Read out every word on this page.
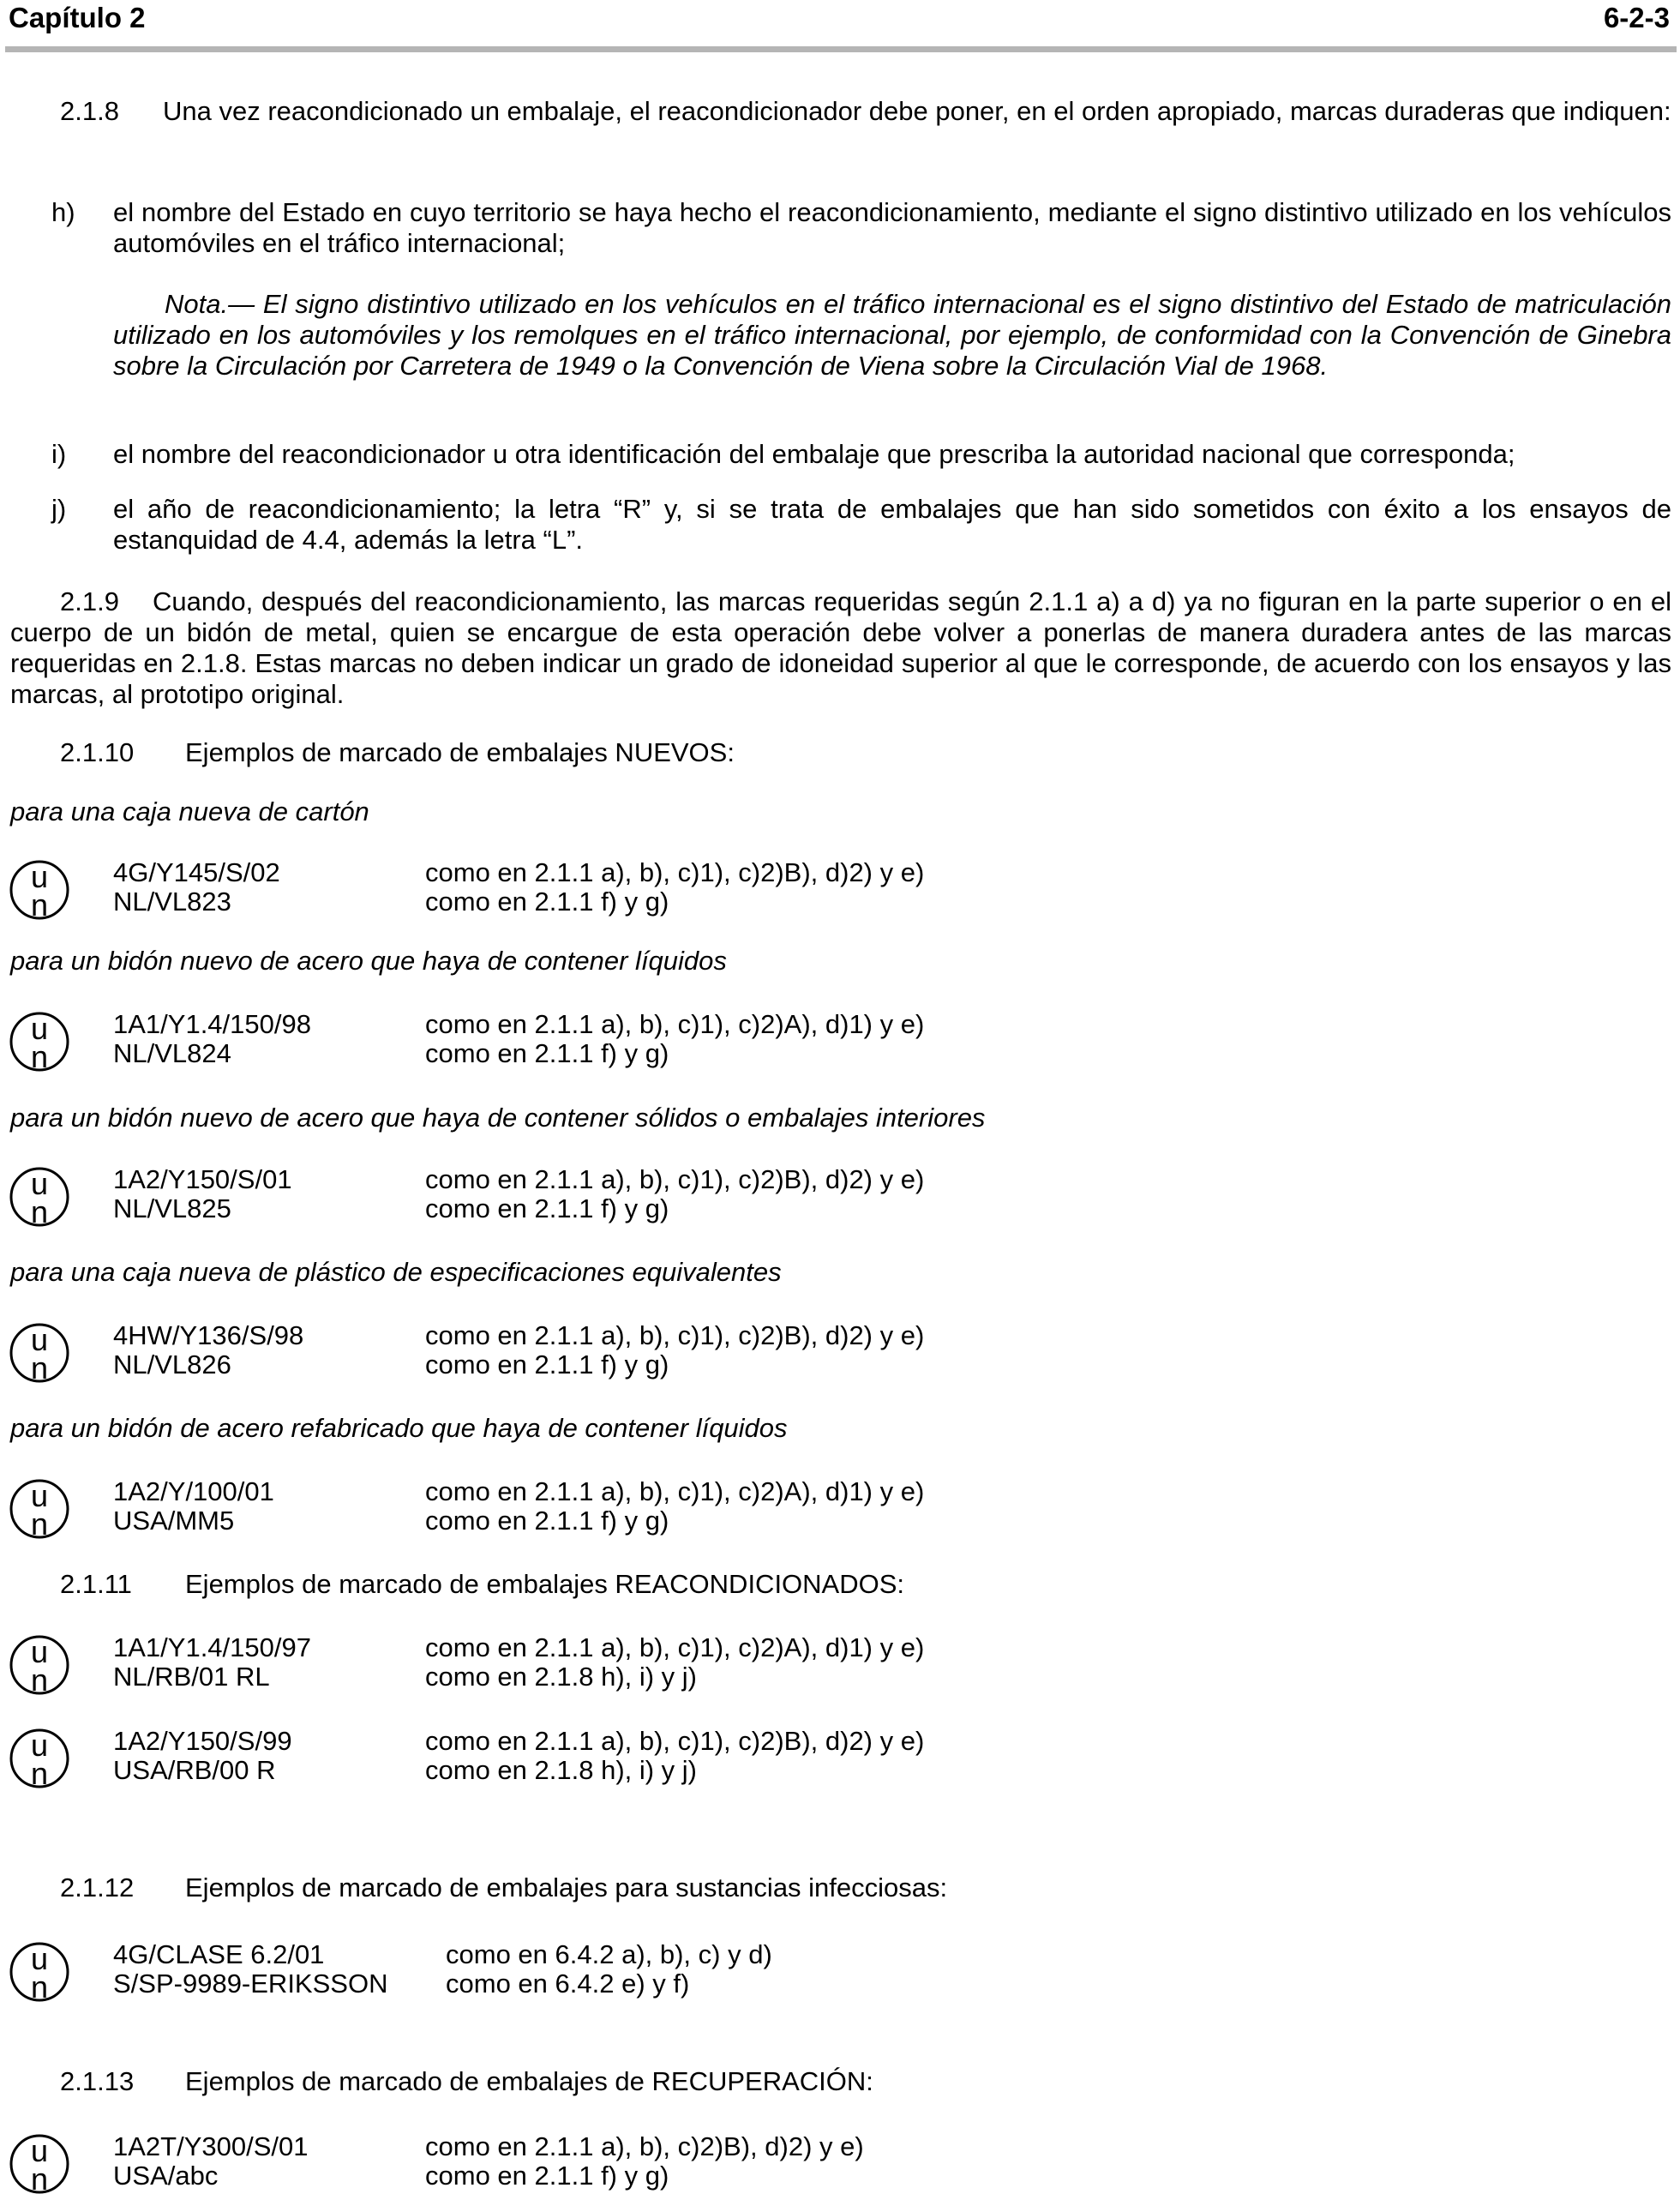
Capítulo 2	6-2-3
2.1.8 Una vez reacondicionado un embalaje, el reacondicionador debe poner, en el orden apropiado, marcas duraderas que indiquen:
h) el nombre del Estado en cuyo territorio se haya hecho el reacondicionamiento, mediante el signo distintivo utilizado en los vehículos automóviles en el tráfico internacional;
Nota.— El signo distintivo utilizado en los vehículos en el tráfico internacional es el signo distintivo del Estado de matriculación utilizado en los automóviles y los remolques en el tráfico internacional, por ejemplo, de conformidad con la Convención de Ginebra sobre la Circulación por Carretera de 1949 o la Convención de Viena sobre la Circulación Vial de 1968.
i) el nombre del reacondicionador u otra identificación del embalaje que prescriba la autoridad nacional que corresponda;
j) el año de reacondicionamiento; la letra “R” y, si se trata de embalajes que han sido sometidos con éxito a los ensayos de estanquidad de 4.4, además la letra “L”.
2.1.9 Cuando, después del reacondicionamiento, las marcas requeridas según 2.1.1 a) a d) ya no figuran en la parte superior o en el cuerpo de un bidón de metal, quien se encargue de esta operación debe volver a ponerlas de manera duradera antes de las marcas requeridas en 2.1.8. Estas marcas no deben indicar un grado de idoneidad superior al que le corresponde, de acuerdo con los ensayos y las marcas, al prototipo original.
2.1.10 Ejemplos de marcado de embalajes NUEVOS:
para una caja nueva de cartón
u
n
4G/Y145/S/02	como en 2.1.1 a), b), c)1), c)2)B), d)2) y e)
NL/VL823	como en 2.1.1 f) y g)
para un bidón nuevo de acero que haya de contener líquidos
u
n
1A1/Y1.4/150/98	como en 2.1.1 a), b), c)1), c)2)A), d)1) y e)
NL/VL824	como en 2.1.1 f) y g)
para un bidón nuevo de acero que haya de contener sólidos o embalajes interiores
u
n
1A2/Y150/S/01	como en 2.1.1 a), b), c)1), c)2)B), d)2) y e)
NL/VL825	como en 2.1.1 f) y g)
para una caja nueva de plástico de especificaciones equivalentes
u
n
4HW/Y136/S/98	como en 2.1.1 a), b), c)1), c)2)B), d)2) y e)
NL/VL826	como en 2.1.1 f) y g)
para un bidón de acero refabricado que haya de contener líquidos
u
n
1A2/Y/100/01	como en 2.1.1 a), b), c)1), c)2)A), d)1) y e)
USA/MM5	como en 2.1.1 f) y g)
2.1.11 Ejemplos de marcado de embalajes REACONDICIONADOS:
u
n
1A1/Y1.4/150/97	como en 2.1.1 a), b), c)1), c)2)A), d)1) y e)
NL/RB/01 RL	como en 2.1.8 h), i) y j)
u
n
1A2/Y150/S/99	como en 2.1.1 a), b), c)1), c)2)B), d)2) y e)
USA/RB/00 R	como en 2.1.8 h), i) y j)
2.1.12 Ejemplos de marcado de embalajes para sustancias infecciosas:
u
n
4G/CLASE 6.2/01	como en 6.4.2 a), b), c) y d)
S/SP-9989-ERIKSSON como en 6.4.2 e) y f)
2.1.13 Ejemplos de marcado de embalajes de RECUPERACIÓN:
u
n
1A2T/Y300/S/01	como en 2.1.1 a), b), c)2)B), d)2) y e)
USA/abc	como en 2.1.1 f) y g)
